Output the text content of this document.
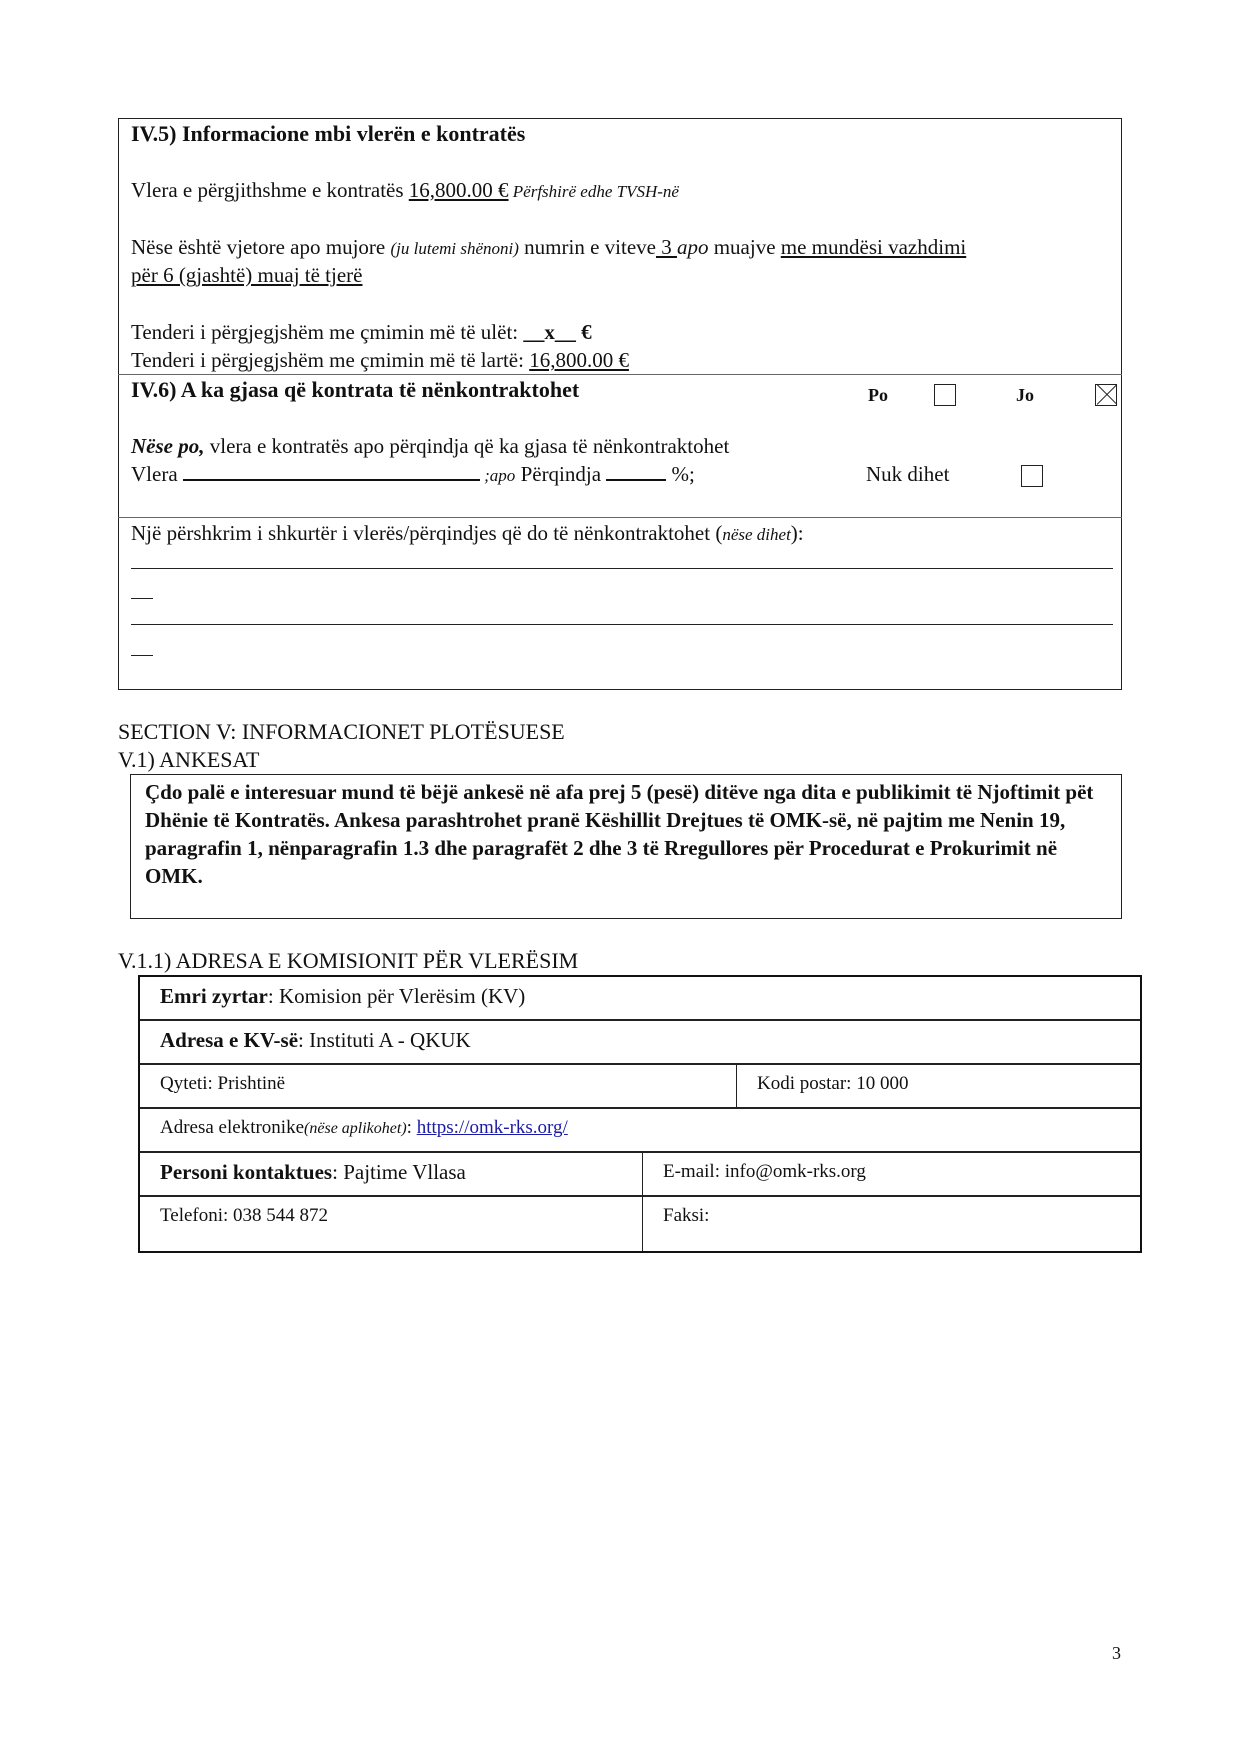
IV.5) Informacione mbi vlerën e kontratës
Vlera e përgjithshme e kontratës 16,800.00 € Përfshirë edhe TVSH-në
Nëse është vjetore apo mujore (ju lutemi shënoni) numrin e viteve 3 apo muajve me mundësi vazhdimi
për 6 (gjashtë) muaj të tjerë
Tenderi i përgjegjshëm me çmimin më të ulët: __x__ €
Tenderi i përgjegjshëm me çmimin më të lartë: 16,800.00 €
IV.6) A ka gjasa që kontrata të nënkontraktohet	Po
	Jo

Nëse po, vlera e kontratës apo përqindja që ka gjasa të nënkontraktohet
Vlera	;apo Përqindja	%;	Nuk dihet
Një përshkrim i shkurtër i vlerës/përqindjes që do të nënkontraktohet (nëse dihet):
SECTION V: INFORMACIONET PLOTËSUESE
V.1) ANKESAT
Çdo palë e interesuar mund të bëjë ankesë në afa prej 5 (pesë) ditëve nga dita e publikimit të Njoftimit pët Dhënie të Kontratës. Ankesa parashtrohet pranë Këshillit Drejtues të OMK-së, në pajtim me Nenin 19, paragrafin 1, nënparagrafin 1.3 dhe paragrafët 2 dhe 3 të Rregullores për Procedurat e Prokurimit në OMK.
V.1.1) ADRESA E KOMISIONIT PËR VLERËSIM
Emri zyrtar: Komision për Vlerësim (KV)
Adresa e KV-së: Instituti A - QKUK
Qyteti: Prishtinë	Kodi postar: 10 000
Adresa elektronike(nëse aplikohet): https://omk-rks.org/
Personi kontaktues: Pajtime Vllasa	E-mail: info@omk-rks.org
Telefoni: 038 544 872	Faksi:
3
